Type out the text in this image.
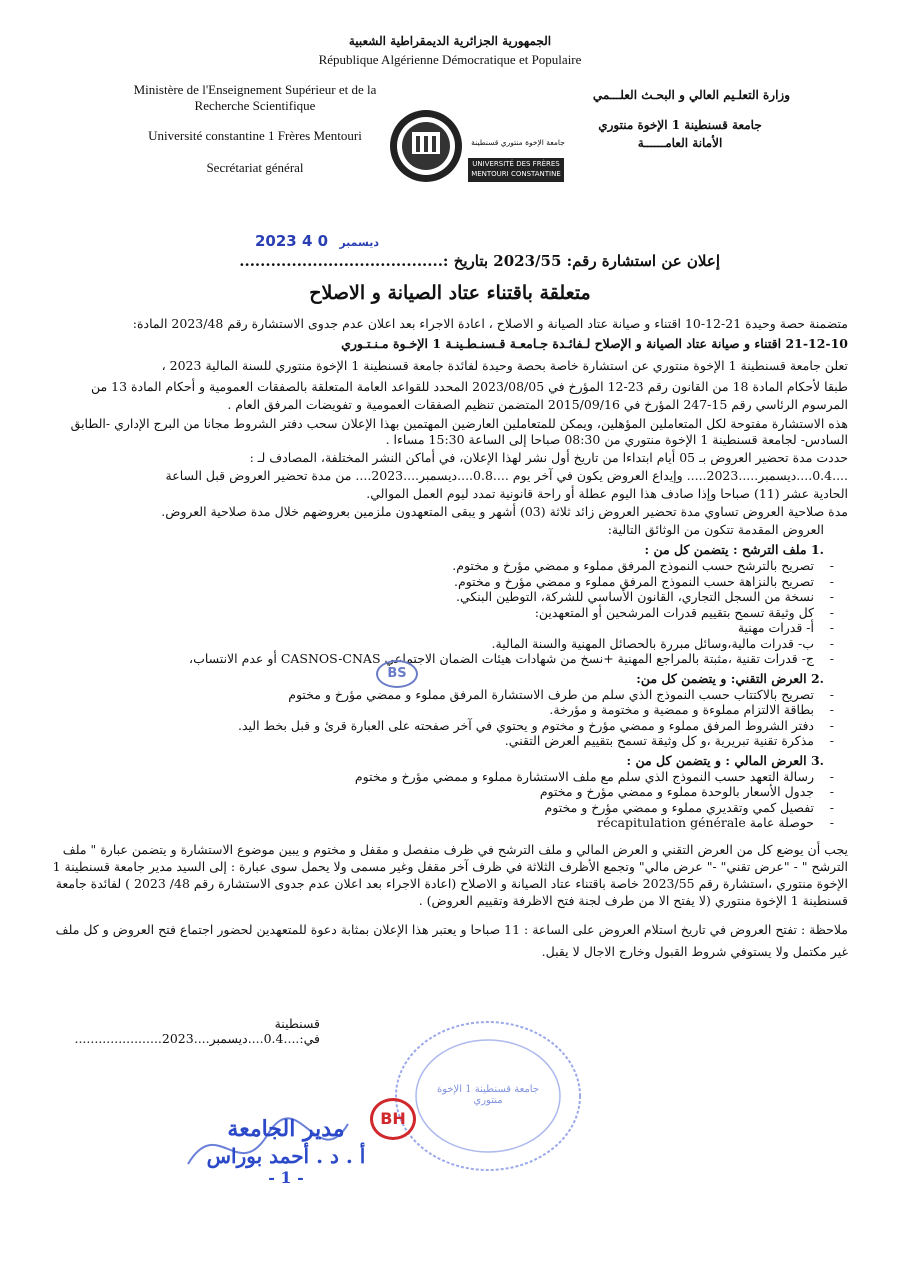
الجمهورية الجزائرية الديمقراطية الشعبية
République Algérienne Démocratique et Populaire
Ministère de l'Enseignement Supérieur et de la
Recherche Scientifique
Université constantine 1 Frères Mentouri
Secrétariat général
وزارة التعلـيم العالي و البحـث العلـــمي
جامعة قسنطينة 1 الإخوة منتوري
الأمانة العامــــــة
جامعة الإخوة منتوري قسنطينة
UNIVERSITÉ DES FRÈRES
MENTOURI CONSTANTINE
2023	ديسمبر 0 4
إعلان عن استشارة رقم: 2023/55 بتاريخ :.......................................
متعلقة باقتناء عتاد الصيانة و الاصلاح
متضمنة حصة وحيدة 21-12-10 اقتناء و صيانة عتاد الصيانة و الاصلاح ، اعادة الاجراء بعد اعلان عدم جدوى الاستشارة رقم 2023/48 المادة:
21-12-10 اقتناء و صيانة عتاد الصيانة و الإصلاح لـفائـدة جـامعـة قـسنـطـينـة 1 الإخـوة مـنـتـوري
تعلن جامعة قسنطينة 1 الإخوة منتوري عن استشارة خاصة بحصة وحيدة لفائدة جامعة قسنطينة 1 الإخوة منتوري للسنة المالية 2023 ،
طبقا لأحكام المادة 18 من القانون رقم 23-12 المؤرخ في 2023/08/05 المحدد للقواعد العامة المتعلقة بالصفقات العمومية و أحكام المادة 13 من المرسوم الرئاسي رقم 15-247 المؤرخ في 2015/09/16 المتضمن تنظيم الصفقات العمومية و تفويضات المرفق العام .
هذه الاستشارة مفتوحة لكل المتعاملين المؤهلين، ويمكن للمتعاملين العارضين المهتمين بهذا الإعلان سحب دفتر الشروط مجانا من البرج الإداري -الطابق السادس- لجامعة قسنطينة 1 الإخوة منتوري من 08:30 صباحا إلى الساعة 15:30 مساءا .
حددت مدة تحضير العروض بـ 05 أيام ابتداءا من تاريخ أول نشر لهذا الإعلان، في أماكن النشر المختلفة، المصادف لـ :
....0.4....ديسمبر.....2023..... وإيداع العروض يكون في آخر يوم ....0.8....ديسمبر....2023.... من مدة تحضير العروض قبل الساعة
الحادية عشر (11) صباحا وإذا صادف هذا اليوم عطلة أو راحة قانونية تمدد ليوم العمل الموالي.
مدة صلاحية العروض تساوي مدة تحضير العروض زائد ثلاثة (03) أشهر و يبقى المتعهدون ملزمين بعروضهم خلال مدة صلاحية العروض.
العروض المقدمة تتكون من الوثائق التالية:
.1 ملف الترشح : يتضمن كل من :
- تصريح بالترشح حسب النموذج المرفق مملوء و ممضي مؤرخ و مختوم.
- تصريح بالنزاهة حسب النموذج المرفق مملوء و ممضي مؤرخ و مختوم.
- نسخة من السجل التجاري، القانون الأساسي للشركة، التوطين البنكي.
- كل وثيقة تسمح بتقييم قدرات المرشحين أو المتعهدين:
- أ- قدرات مهنية
- ب- قدرات مالية،وسائل مبررة بالحصائل المهنية والسنة المالية.
- ج- قدرات تقنية ،مثبتة بالمراجع المهنية +نسخ من شهادات هيئات الضمان الاجتماعي CASNOS-CNAS أو عدم الانتساب،
.2 العرض التقني: و يتضمن كل من:
- تصريح بالاكتتاب حسب النموذج الذي سلم من طرف الاستشارة المرفق مملوء و ممضي مؤرخ و مختوم
- بطاقة الالتزام مملوءة و ممضية و مختومة و مؤرخة.
- دفتر الشروط المرفق مملوء و ممضي مؤرخ و مختوم و يحتوي في آخر صفحته على العبارة قرئ و قبل بخط اليد.
- مذكرة تقنية تبريرية ،و كل وثيقة تسمح بتقييم العرض التقني.
.3 العرض المالي : و يتضمن كل من :
- رسالة التعهد حسب النموذج الذي سلم مع ملف الاستشارة مملوء و ممضي مؤرخ و مختوم
- جدول الأسعار بالوحدة مملوء و ممضي مؤرخ و مختوم
- تفصيل كمي وتقديري مملوء و ممضي مؤرخ و مختوم
- حوصلة عامة récapitulation générale
يجب أن يوضع كل من العرض التقني و العرض المالي و ملف الترشح في ظرف منفصل و مقفل و مختوم و يبين موضوع الاستشارة و يتضمن عبارة " ملف الترشح " - "عرض تقني" -" عرض مالي" وتجمع الأظرف الثلاثة في ظرف آخر مقفل وغير مسمى ولا يحمل سوى عبارة : إلى السيد مدير جامعة قسنطينة 1 الإخوة منتوري ،استشارة رقم 2023/55 خاصة باقتناء عتاد الصيانة و الاصلاح (اعادة الاجراء بعد اعلان عدم جدوى الاستشارة رقم 48/ 2023 ) لفائدة جامعة قسنطينة 1 الإخوة منتوري (لا يفتح الا من طرف لجنة فتح الاظرفة وتقييم العروض) .
ملاحظة : تفتح العروض في تاريخ استلام العروض على الساعة : 11 صباحا و يعتبر هذا الإعلان بمثابة دعوة للمتعهدين لحضور اجتماع فتح العروض و كل ملف غير مكتمل ولا يستوفي شروط القبول وخارج الاجال لا يقبل.
قسنطينة في:....0.4....ديسمبر....2023......................
جامعة قسنطينة 1 الإخوة منتوري
BS
BH
مدير الجامعة
أ . د . أحمد بوراس
- 1 -
